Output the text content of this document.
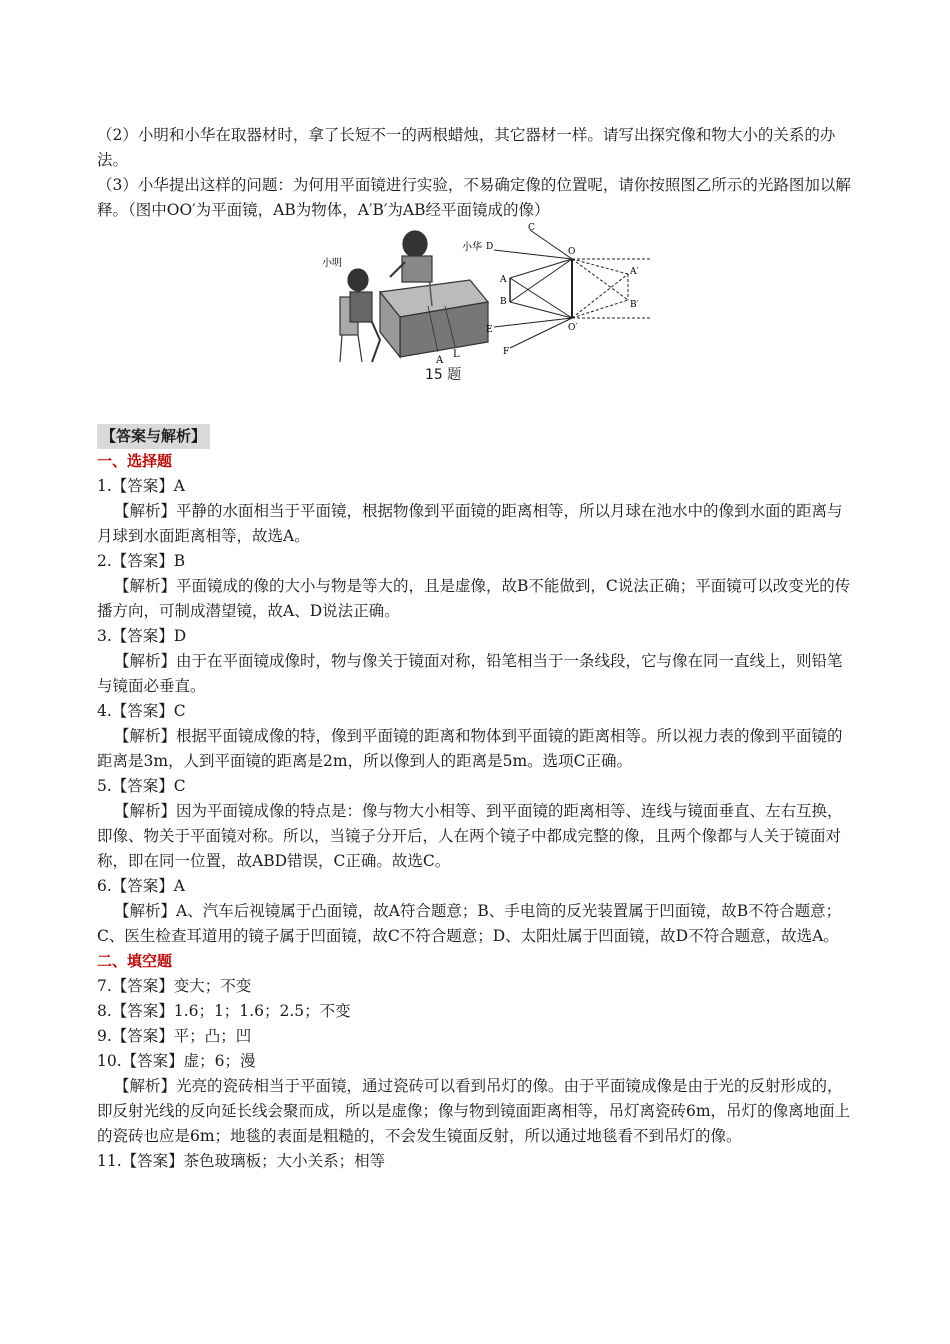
（2）小明和小华在取器材时，拿了长短不一的两根蜡烛，其它器材一样。请写出探究像和物大小的关系的办法。

（3）小华提出这样的问题：为何用平面镜进行实验，不易确定像的位置呢，请你按照图乙所示的光路图加以解释。（图中OO′为平面镜，AB为物体，A′B′为AB经平面镜成的像）

小明
小华
A
L
C
D	O
A
B
A′
B′
E	O′
F
15 题

【答案与解析】

一、选择题

1.【答案】A

【解析】平静的水面相当于平面镜，根据物像到平面镜的距离相等，所以月球在池水中的像到水面的距离与月球到水面距离相等，故选A。

2.【答案】B

【解析】平面镜成的像的大小与物是等大的，且是虚像，故B不能做到，C说法正确；平面镜可以改变光的传播方向，可制成潜望镜，故A、D说法正确。

3.【答案】D

【解析】由于在平面镜成像时，物与像关于镜面对称，铅笔相当于一条线段，它与像在同一直线上，则铅笔与镜面必垂直。

4.【答案】C

【解析】根据平面镜成像的特，像到平面镜的距离和物体到平面镜的距离相等。所以视力表的像到平面镜的距离是3m，人到平面镜的距离是2m，所以像到人的距离是5m。选项C正确。

5.【答案】C

【解析】因为平面镜成像的特点是：像与物大小相等、到平面镜的距离相等、连线与镜面垂直、左右互换，即像、物关于平面镜对称。所以，当镜子分开后，人在两个镜子中都成完整的像，且两个像都与人关于镜面对称，即在同一位置，故ABD错误，C正确。故选C。

6.【答案】A

【解析】A、汽车后视镜属于凸面镜，故A符合题意；B、手电筒的反光装置属于凹面镜，故B不符合题意；C、医生检查耳道用的镜子属于凹面镜，故C不符合题意；D、太阳灶属于凹面镜，故D不符合题意，故选A。

二、填空题

7.【答案】变大；不变

8.【答案】1.6；1；1.6；2.5；不变

9.【答案】平；凸；凹

10.【答案】虚；6；漫

【解析】光亮的瓷砖相当于平面镜，通过瓷砖可以看到吊灯的像。由于平面镜成像是由于光的反射形成的，即反射光线的反向延长线会聚而成，所以是虚像；像与物到镜面距离相等，吊灯离瓷砖6m，吊灯的像离地面上的瓷砖也应是6m；地毯的表面是粗糙的，不会发生镜面反射，所以通过地毯看不到吊灯的像。

11.【答案】茶色玻璃板；大小关系；相等
